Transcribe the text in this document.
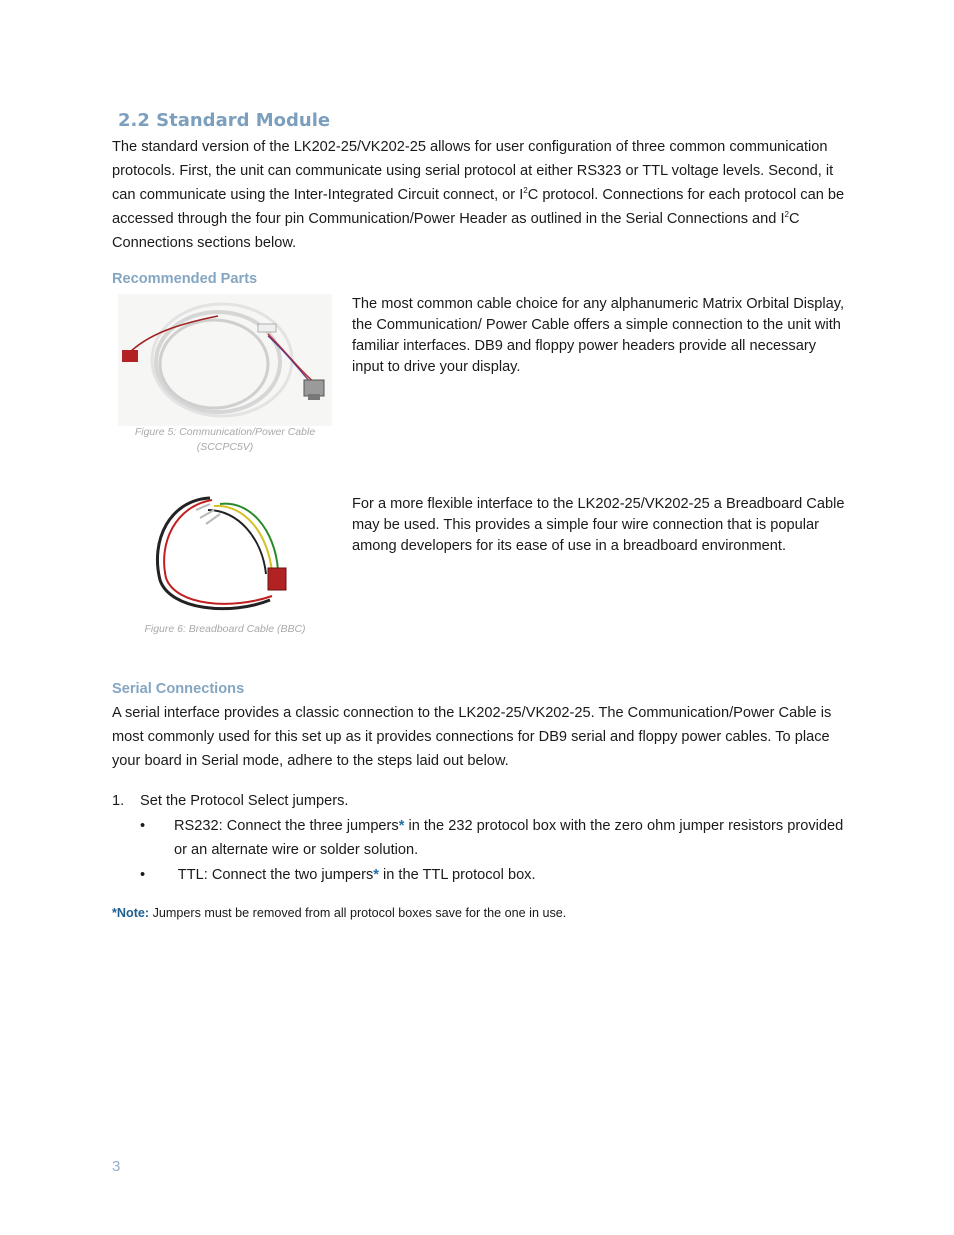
2.2 Standard Module

The standard version of the LK202-25/VK202-25 allows for user configuration of three common communication protocols. First, the unit can communicate using serial protocol at either RS323 or TTL voltage levels. Second, it can communicate using the Inter-Integrated Circuit connect, or $I^2C$ protocol. Connections for each protocol can be accessed through the four pin Communication/Power Header as outlined in the Serial Connections and $I^2C$ Connections sections below.

Recommended Parts
Figure 5: Communication/Power Cable (SCCPC5V)

The most common cable choice for any alphanumeric Matrix Orbital Display, the Communication/ Power Cable offers a simple connection to the unit with familiar interfaces. DB9 and floppy power headers provide all necessary input to drive your display.

Figure 6: Breadboard Cable (BBC)

For a more flexible interface to the LK202-25/VK202-25 a Breadboard Cable may be used. This provides a simple four wire connection that is popular among developers for its ease of use in a breadboard environment.

Serial Connections

A serial interface provides a classic connection to the LK202-25/VK202-25. The Communication/Power Cable is most commonly used for this set up as it provides connections for DB9 serial and floppy power cables. To place your board in Serial mode, adhere to the steps laid out below.

1. Set the Protocol Select jumpers.
• RS232: Connect the three jumpers* in the 232 protocol box with the zero ohm jumper resistors provided or an alternate wire or solder solution.
• TTL: Connect the two jumpers* in the TTL protocol box.
*Note: Jumpers must be removed from all protocol boxes save for the one in use.
3
